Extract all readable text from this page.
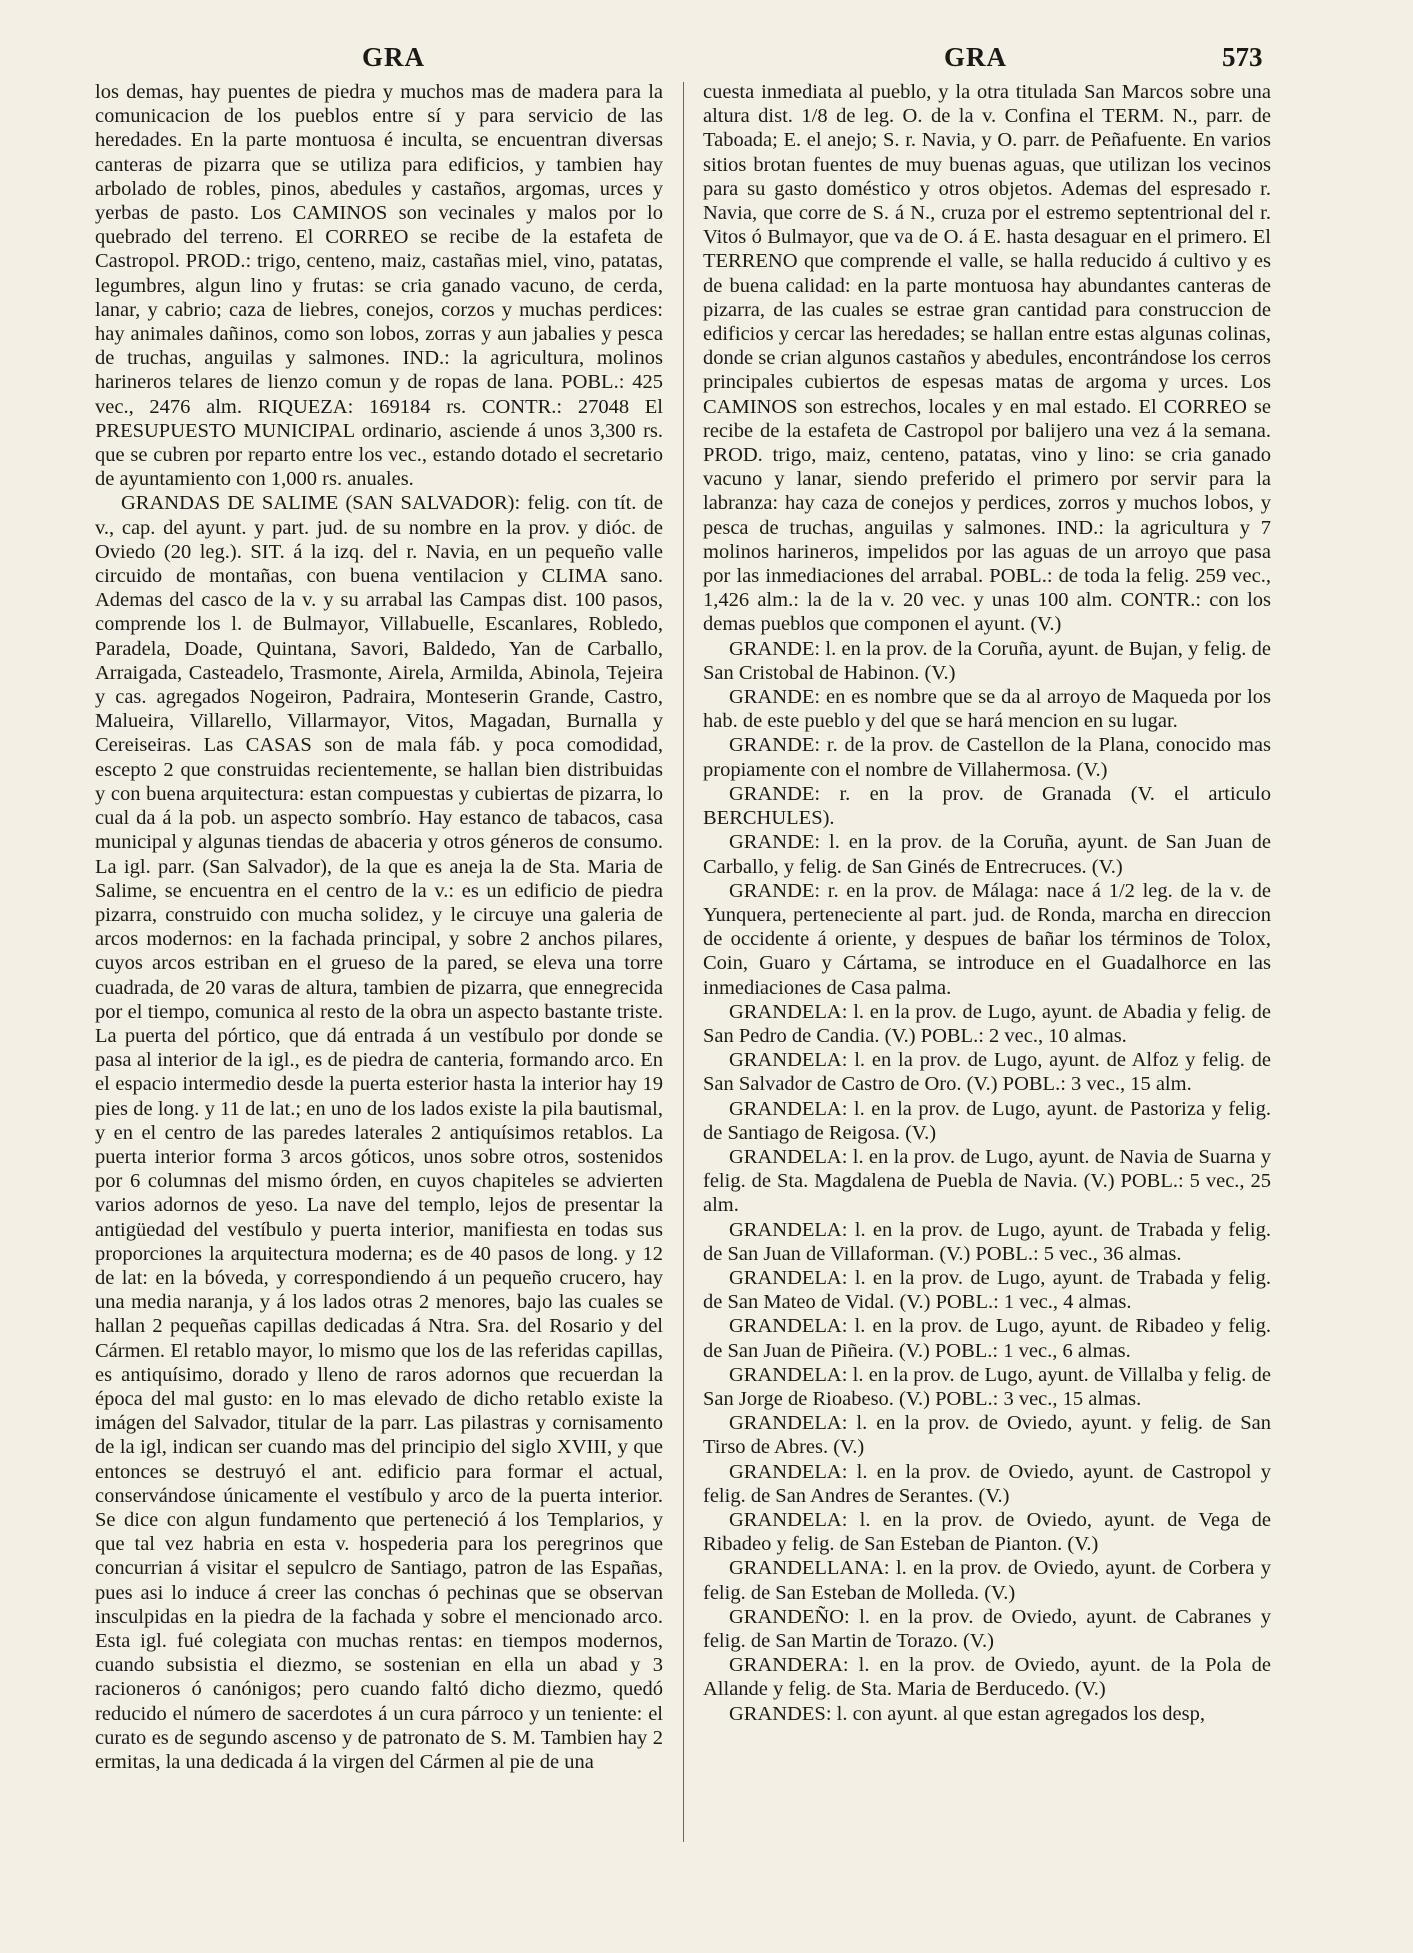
GRA	GRA	573

los demas, hay puentes de piedra y muchos mas de madera para la comunicacion de los pueblos entre sí y para servicio de las heredades. En la parte montuosa é inculta, se encuentran diversas canteras de pizarra que se utiliza para edificios, y tambien hay arbolado de robles, pinos, abedules y castaños, argomas, urces y yerbas de pasto. Los CAMINOS son vecinales y malos por lo quebrado del terreno. El CORREO se recibe de la estafeta de Castropol. PROD.: trigo, centeno, maiz, castañas miel, vino, patatas, legumbres, algun lino y frutas: se cria ganado vacuno, de cerda, lanar, y cabrio; caza de liebres, conejos, corzos y muchas perdices: hay animales dañinos, como son lobos, zorras y aun jabalies y pesca de truchas, anguilas y salmones. IND.: la agricultura, molinos harineros telares de lienzo comun y de ropas de lana. POBL.: 425 vec., 2476 alm. RIQUEZA: 169184 rs. CONTR.: 27048 El PRESUPUESTO MUNICIPAL ordinario, asciende á unos 3,300 rs. que se cubren por reparto entre los vec., estando dotado el secretario de ayuntamiento con 1,000 rs. anuales.

GRANDAS DE SALIME (SAN SALVADOR): felig. con tít. de v., cap. del ayunt. y part. jud. de su nombre en la prov. y dióc. de Oviedo (20 leg.). SIT. á la izq. del r. Navia, en un pequeño valle circuido de montañas, con buena ventilacion y CLIMA sano. Ademas del casco de la v. y su arrabal las Campas dist. 100 pasos, comprende los l. de Bulmayor, Villabuelle, Escanlares, Robledo, Paradela, Doade, Quintana, Savori, Baldedo, Yan de Carballo, Arraigada, Casteadelo, Trasmonte, Airela, Armilda, Abinola, Tejeira y cas. agregados Nogeiron, Padraira, Monteserin Grande, Castro, Malueira, Villarello, Villarmayor, Vitos, Magadan, Burnalla y Cereiseiras. Las CASAS son de mala fáb. y poca comodidad, escepto 2 que construidas recientemente, se hallan bien distribuidas y con buena arquitectura: estan compuestas y cubiertas de pizarra, lo cual da á la pob. un aspecto sombrío. Hay estanco de tabacos, casa municipal y algunas tiendas de abaceria y otros géneros de consumo. La igl. parr. (San Salvador), de la que es aneja la de Sta. Maria de Salime, se encuentra en el centro de la v.: es un edificio de piedra pizarra, construido con mucha solidez, y le circuye una galeria de arcos modernos: en la fachada principal, y sobre 2 anchos pilares, cuyos arcos estriban en el grueso de la pared, se eleva una torre cuadrada, de 20 varas de altura, tambien de pizarra, que ennegrecida por el tiempo, comunica al resto de la obra un aspecto bastante triste. La puerta del pórtico, que dá entrada á un vestíbulo por donde se pasa al interior de la igl., es de piedra de canteria, formando arco. En el espacio intermedio desde la puerta esterior hasta la interior hay 19 pies de long. y 11 de lat.; en uno de los lados existe la pila bautismal, y en el centro de las paredes laterales 2 antiquísimos retablos. La puerta interior forma 3 arcos góticos, unos sobre otros, sostenidos por 6 columnas del mismo órden, en cuyos chapiteles se advierten varios adornos de yeso. La nave del templo, lejos de presentar la antigüedad del vestíbulo y puerta interior, manifiesta en todas sus proporciones la arquitectura moderna; es de 40 pasos de long. y 12 de lat: en la bóveda, y correspondiendo á un pequeño crucero, hay una media naranja, y á los lados otras 2 menores, bajo las cuales se hallan 2 pequeñas capillas dedicadas á Ntra. Sra. del Rosario y del Cármen. El retablo mayor, lo mismo que los de las referidas capillas, es antiquísimo, dorado y lleno de raros adornos que recuerdan la época del mal gusto: en lo mas elevado de dicho retablo existe la imágen del Salvador, titular de la parr. Las pilastras y cornisamento de la igl, indican ser cuando mas del principio del siglo XVIII, y que entonces se destruyó el ant. edificio para formar el actual, conservándose únicamente el vestíbulo y arco de la puerta interior. Se dice con algun fundamento que perteneció á los Templarios, y que tal vez habria en esta v. hospederia para los peregrinos que concurrian á visitar el sepulcro de Santiago, patron de las Españas, pues asi lo induce á creer las conchas ó pechinas que se observan insculpidas en la piedra de la fachada y sobre el mencionado arco. Esta igl. fué colegiata con muchas rentas: en tiempos modernos, cuando subsistia el diezmo, se sostenian en ella un abad y 3 racioneros ó canónigos; pero cuando faltó dicho diezmo, quedó reducido el número de sacerdotes á un cura párroco y un teniente: el curato es de segundo ascenso y de patronato de S. M. Tambien hay 2 ermitas, la una dedicada á la virgen del Cármen al pie de una

cuesta inmediata al pueblo, y la otra titulada San Marcos sobre una altura dist. 1/8 de leg. O. de la v. Confina el TERM. N., parr. de Taboada; E. el anejo; S. r. Navia, y O. parr. de Peñafuente. En varios sitios brotan fuentes de muy buenas aguas, que utilizan los vecinos para su gasto doméstico y otros objetos. Ademas del espresado r. Navia, que corre de S. á N., cruza por el estremo septentrional del r. Vitos ó Bulmayor, que va de O. á E. hasta desaguar en el primero. El TERRENO que comprende el valle, se halla reducido á cultivo y es de buena calidad: en la parte montuosa hay abundantes canteras de pizarra, de las cuales se estrae gran cantidad para construccion de edificios y cercar las heredades; se hallan entre estas algunas colinas, donde se crian algunos castaños y abedules, encontrándose los cerros principales cubiertos de espesas matas de argoma y urces. Los CAMINOS son estrechos, locales y en mal estado. El CORREO se recibe de la estafeta de Castropol por balijero una vez á la semana. PROD. trigo, maiz, centeno, patatas, vino y lino: se cria ganado vacuno y lanar, siendo preferido el primero por servir para la labranza: hay caza de conejos y perdices, zorros y muchos lobos, y pesca de truchas, anguilas y salmones. IND.: la agricultura y 7 molinos harineros, impelidos por las aguas de un arroyo que pasa por las inmediaciones del arrabal. POBL.: de toda la felig. 259 vec., 1,426 alm.: la de la v. 20 vec. y unas 100 alm. CONTR.: con los demas pueblos que componen el ayunt. (V.)

GRANDE: l. en la prov. de la Coruña, ayunt. de Bujan, y felig. de San Cristobal de Habinon. (V.)

GRANDE: en es nombre que se da al arroyo de Maqueda por los hab. de este pueblo y del que se hará mencion en su lugar.

GRANDE: r. de la prov. de Castellon de la Plana, conocido mas propiamente con el nombre de Villahermosa. (V.)

GRANDE: r. en la prov. de Granada (V. el articulo BERCHULES).

GRANDE: l. en la prov. de la Coruña, ayunt. de San Juan de Carballo, y felig. de San Ginés de Entrecruces. (V.)

GRANDE: r. en la prov. de Málaga: nace á 1/2 leg. de la v. de Yunquera, perteneciente al part. jud. de Ronda, marcha en direccion de occidente á oriente, y despues de bañar los términos de Tolox, Coin, Guaro y Cártama, se introduce en el Guadalhorce en las inmediaciones de Casa palma.

GRANDELA: l. en la prov. de Lugo, ayunt. de Abadia y felig. de San Pedro de Candia. (V.) POBL.: 2 vec., 10 almas.

GRANDELA: l. en la prov. de Lugo, ayunt. de Alfoz y felig. de San Salvador de Castro de Oro. (V.) POBL.: 3 vec., 15 alm.

GRANDELA: l. en la prov. de Lugo, ayunt. de Pastoriza y felig. de Santiago de Reigosa. (V.)

GRANDELA: l. en la prov. de Lugo, ayunt. de Navia de Suarna y felig. de Sta. Magdalena de Puebla de Navia. (V.) POBL.: 5 vec., 25 alm.

GRANDELA: l. en la prov. de Lugo, ayunt. de Trabada y felig. de San Juan de Villaforman. (V.) POBL.: 5 vec., 36 almas.

GRANDELA: l. en la prov. de Lugo, ayunt. de Trabada y felig. de San Mateo de Vidal. (V.) POBL.: 1 vec., 4 almas.

GRANDELA: l. en la prov. de Lugo, ayunt. de Ribadeo y felig. de San Juan de Piñeira. (V.) POBL.: 1 vec., 6 almas.

GRANDELA: l. en la prov. de Lugo, ayunt. de Villalba y felig. de San Jorge de Rioabeso. (V.) POBL.: 3 vec., 15 almas.

GRANDELA: l. en la prov. de Oviedo, ayunt. y felig. de San Tirso de Abres. (V.)

GRANDELA: l. en la prov. de Oviedo, ayunt. de Castropol y felig. de San Andres de Serantes. (V.)

GRANDELA: l. en la prov. de Oviedo, ayunt. de Vega de Ribadeo y felig. de San Esteban de Pianton. (V.)

GRANDELLANA: l. en la prov. de Oviedo, ayunt. de Corbera y felig. de San Esteban de Molleda. (V.)

GRANDEÑO: l. en la prov. de Oviedo, ayunt. de Cabranes y felig. de San Martin de Torazo. (V.)

GRANDERA: l. en la prov. de Oviedo, ayunt. de la Pola de Allande y felig. de Sta. Maria de Berducedo. (V.)

GRANDES: l. con ayunt. al que estan agregados los desp,
